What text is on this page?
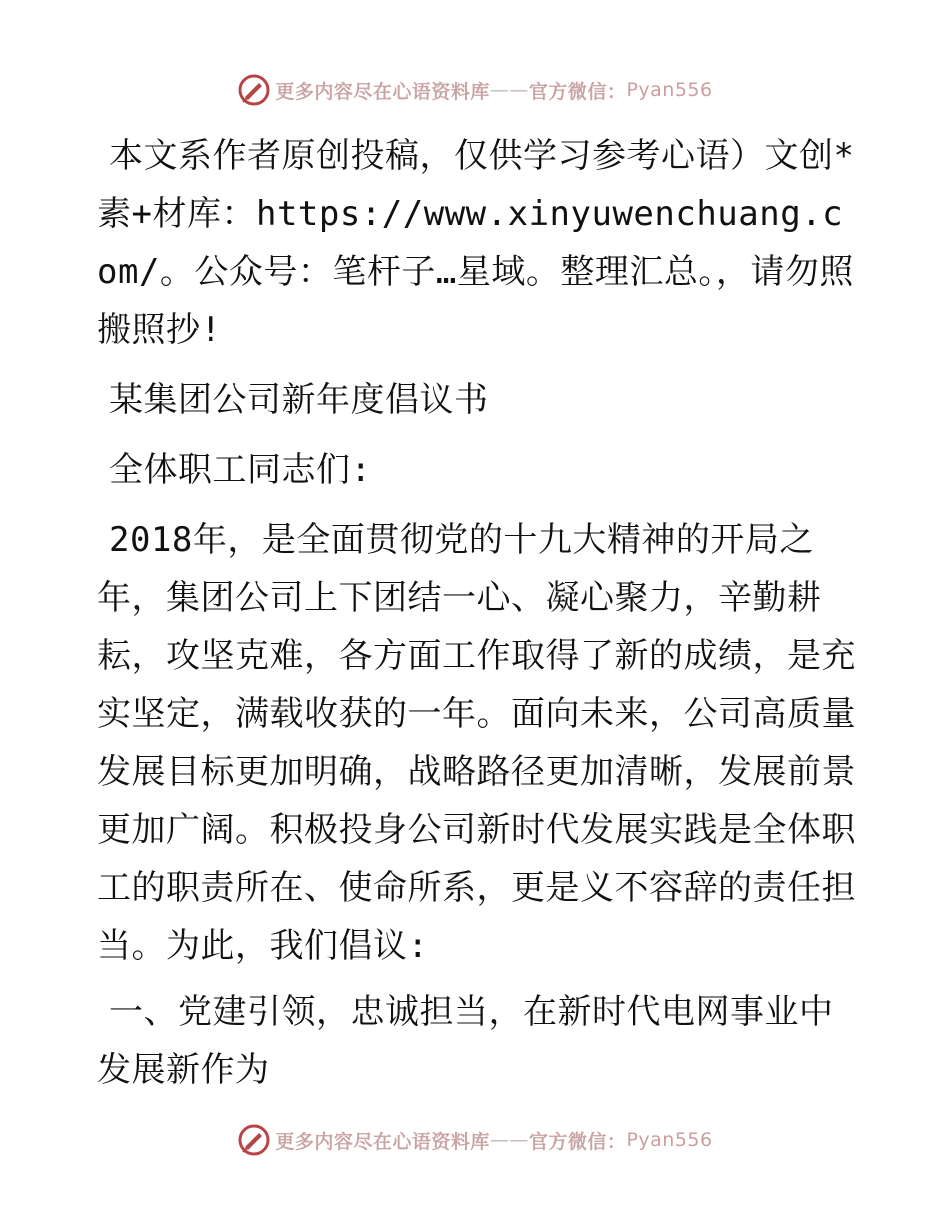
更多内容尽在心语资料库 —— 官方微信： Pyan556

本文系作者原创投稿，仅供学习参考心语）文创*素+材库：https://www.xinyuwenchuang.com/。公众号：笔杆子…星域。整理汇总。，请勿照搬照抄!

某集团公司新年度倡议书

全体职工同志们:

2018年，是全面贯彻党的十九大精神的开局之年，集团公司上下团结一心、凝心聚力，辛勤耕耘，攻坚克难，各方面工作取得了新的成绩，是充实坚定，满载收获的一年。面向未来，公司高质量发展目标更加明确，战略路径更加清晰，发展前景更加广阔。积极投身公司新时代发展实践是全体职工的职责所在、使命所系，更是义不容辞的责任担当。为此，我们倡议:

一、党建引领，忠诚担当，在新时代电网事业中发展新作为

更多内容尽在心语资料库 —— 官方微信： Pyan556
